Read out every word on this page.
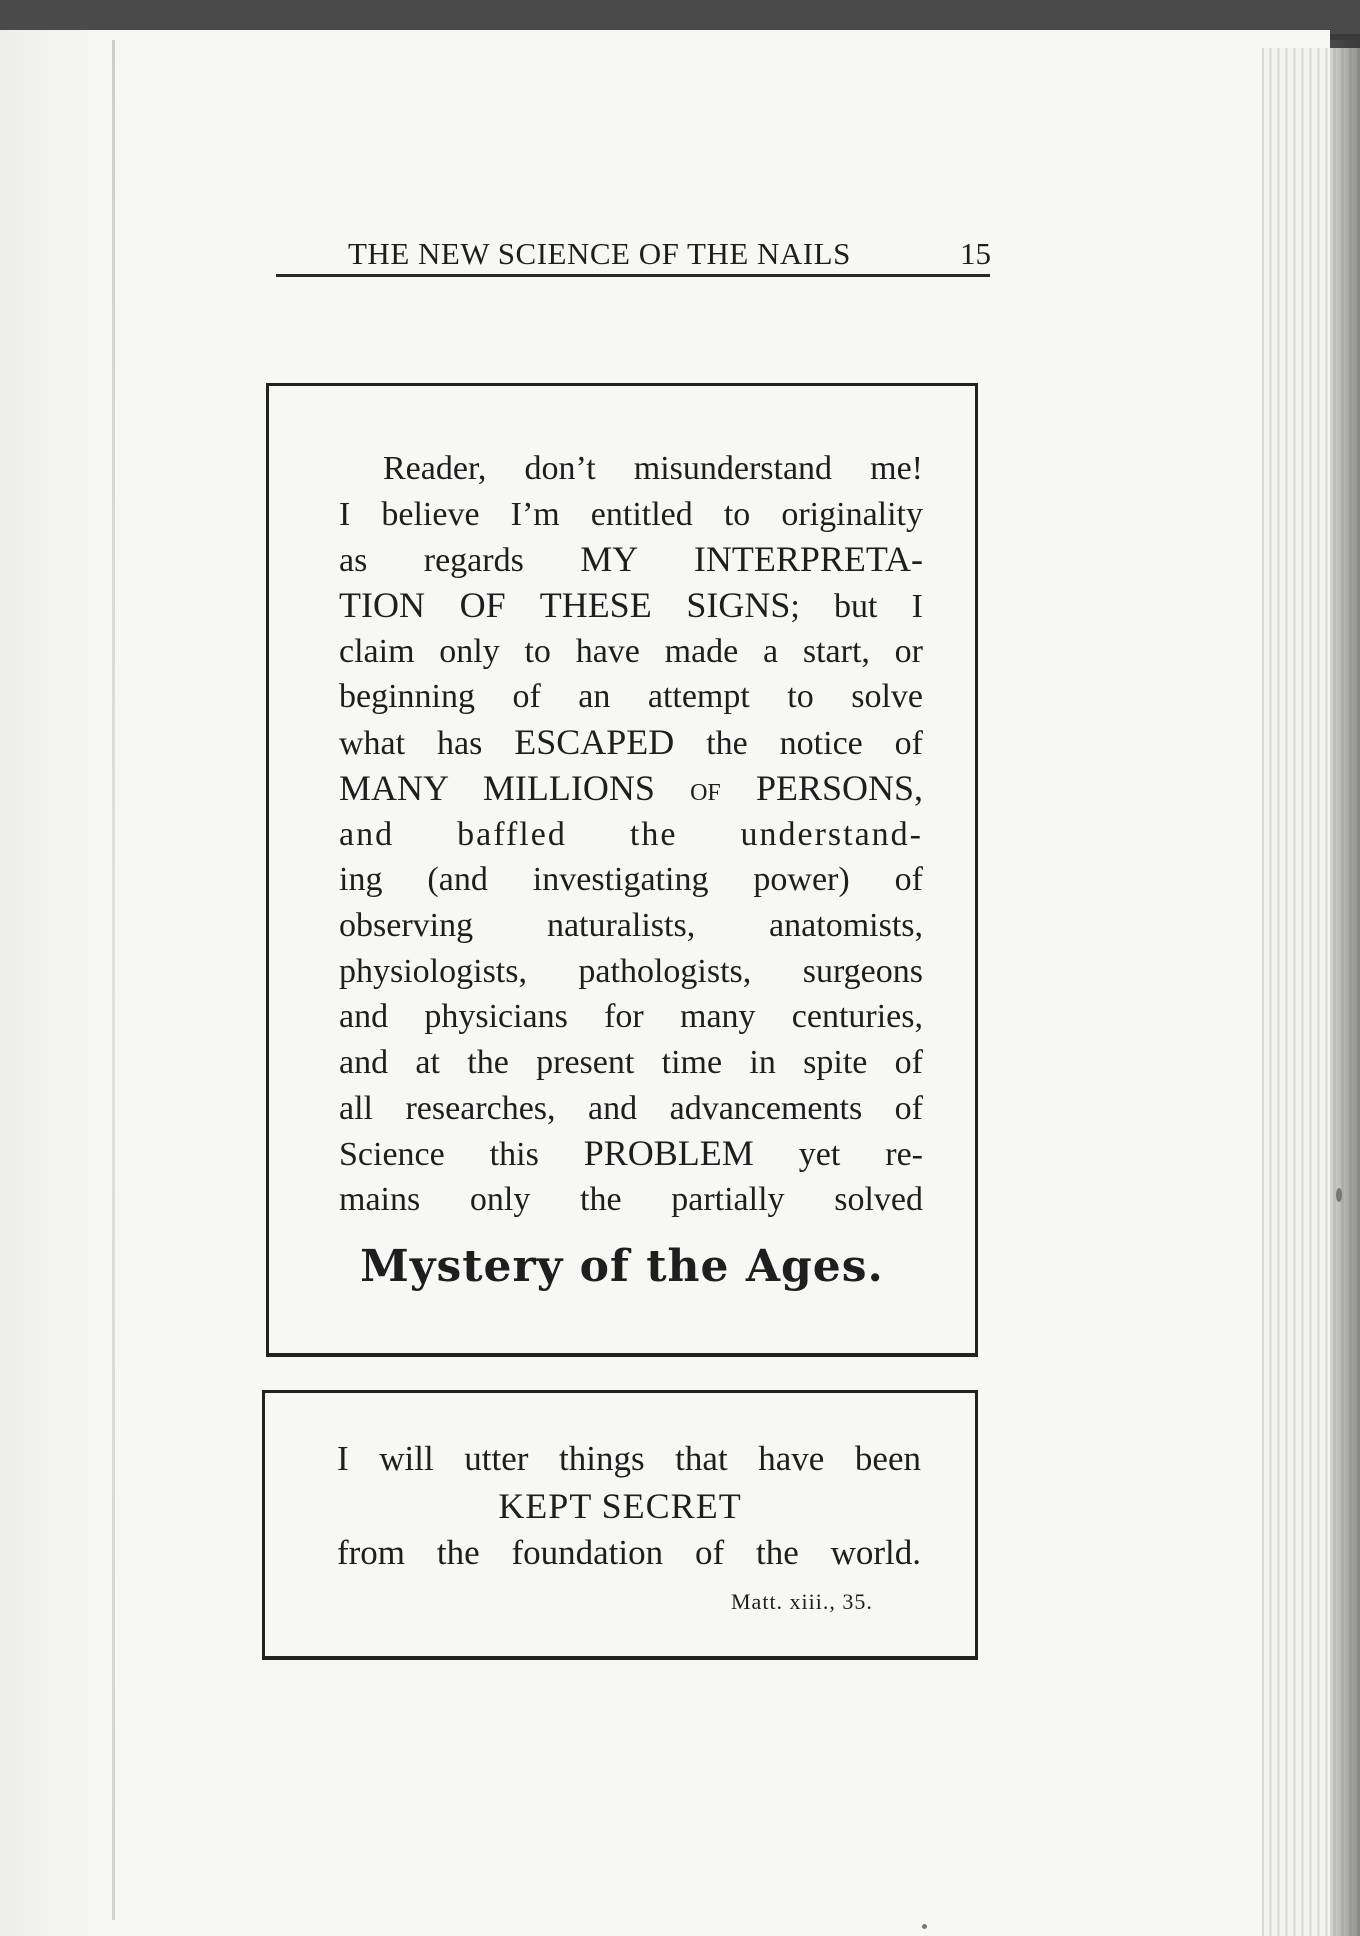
THE NEW SCIENCE OF THE NAILS	15
Reader, don’t misunderstand me!
I believe I’m entitled to originality
as regards MY INTERPRETA-
TION OF THESE SIGNS; but I
claim only to have made a start, or
beginning of an attempt to solve
what has ESCAPED the notice of
MANY MILLIONS OF PERSONS,
and baffled the understand-
ing (and investigating power) of
observing naturalists, anatomists,
physiologists, pathologists, surgeons
and physicians for many centuries,
and at the present time in spite of
all researches, and advancements of
Science this PROBLEM yet re-
mains only the partially solved
Mystery of the Ages.
I will utter things that have been
KEPT SECRET
from the foundation of the world.
Matt. xiii., 35.
